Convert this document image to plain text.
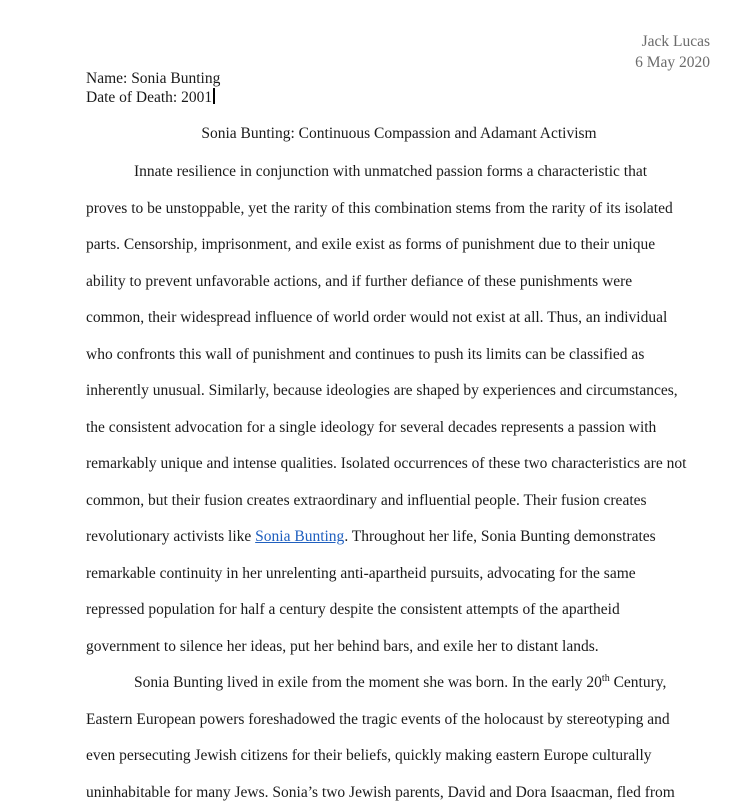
Jack Lucas
6 May 2020
Name: Sonia Bunting
Date of Death: 2001
Sonia Bunting: Continuous Compassion and Adamant Activism
Innate resilience in conjunction with unmatched passion forms a characteristic that
proves to be unstoppable, yet the rarity of this combination stems from the rarity of its isolated
parts. Censorship, imprisonment, and exile exist as forms of punishment due to their unique
ability to prevent unfavorable actions, and if further defiance of these punishments were
common, their widespread influence of world order would not exist at all. Thus, an individual
who confronts this wall of punishment and continues to push its limits can be classified as
inherently unusual. Similarly, because ideologies are shaped by experiences and circumstances,
the consistent advocation for a single ideology for several decades represents a passion with
remarkably unique and intense qualities. Isolated occurrences of these two characteristics are not
common, but their fusion creates extraordinary and influential people. Their fusion creates
revolutionary activists like Sonia Bunting. Throughout her life, Sonia Bunting demonstrates
remarkable continuity in her unrelenting anti-apartheid pursuits, advocating for the same
repressed population for half a century despite the consistent attempts of the apartheid
government to silence her ideas, put her behind bars, and exile her to distant lands.
Sonia Bunting lived in exile from the moment she was born. In the early 20th Century,
Eastern European powers foreshadowed the tragic events of the holocaust by stereotyping and
even persecuting Jewish citizens for their beliefs, quickly making eastern Europe culturally
uninhabitable for many Jews. Sonia’s two Jewish parents, David and Dora Isaacman, fled from
